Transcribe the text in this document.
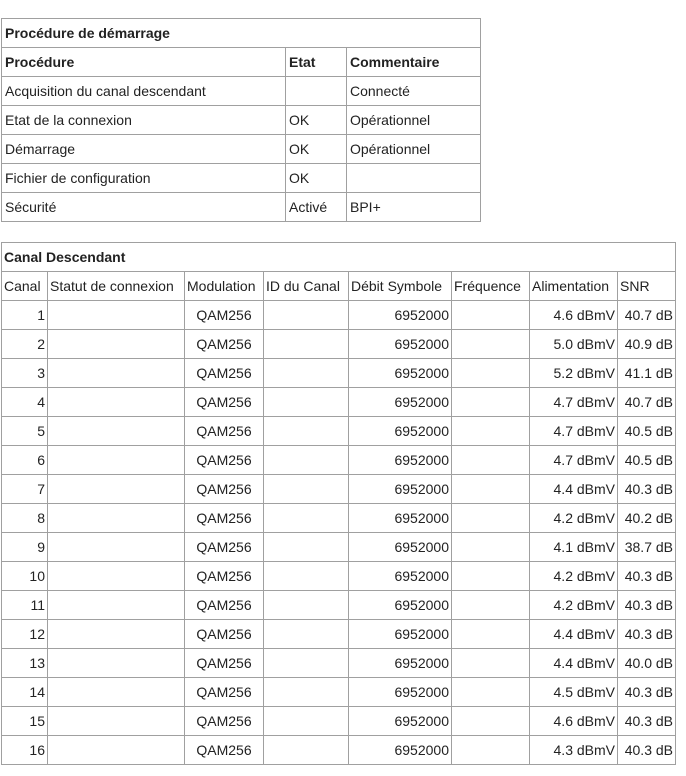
Procédure de démarrage		
Procédure	Etat	Commentaire
Acquisition du canal descendant		Connecté
Etat de la connexion	OK	Opérationnel
Démarrage	OK	Opérationnel
Fichier de configuration	OK	
Sécurité	Activé	BPI+
Canal Descendant							
Canal	Statut de connexion	Modulation	ID du Canal	Débit Symbole	Fréquence	Alimentation	SNR
1		QAM256		6952000		4.6 dBmV	40.7 dB
2		QAM256		6952000		5.0 dBmV	40.9 dB
3		QAM256		6952000		5.2 dBmV	41.1 dB
4		QAM256		6952000		4.7 dBmV	40.7 dB
5		QAM256		6952000		4.7 dBmV	40.5 dB
6		QAM256		6952000		4.7 dBmV	40.5 dB
7		QAM256		6952000		4.4 dBmV	40.3 dB
8		QAM256		6952000		4.2 dBmV	40.2 dB
9		QAM256		6952000		4.1 dBmV	38.7 dB
10		QAM256		6952000		4.2 dBmV	40.3 dB
11		QAM256		6952000		4.2 dBmV	40.3 dB
12		QAM256		6952000		4.4 dBmV	40.3 dB
13		QAM256		6952000		4.4 dBmV	40.0 dB
14		QAM256		6952000		4.5 dBmV	40.3 dB
15		QAM256		6952000		4.6 dBmV	40.3 dB
16		QAM256		6952000		4.3 dBmV	40.3 dB
